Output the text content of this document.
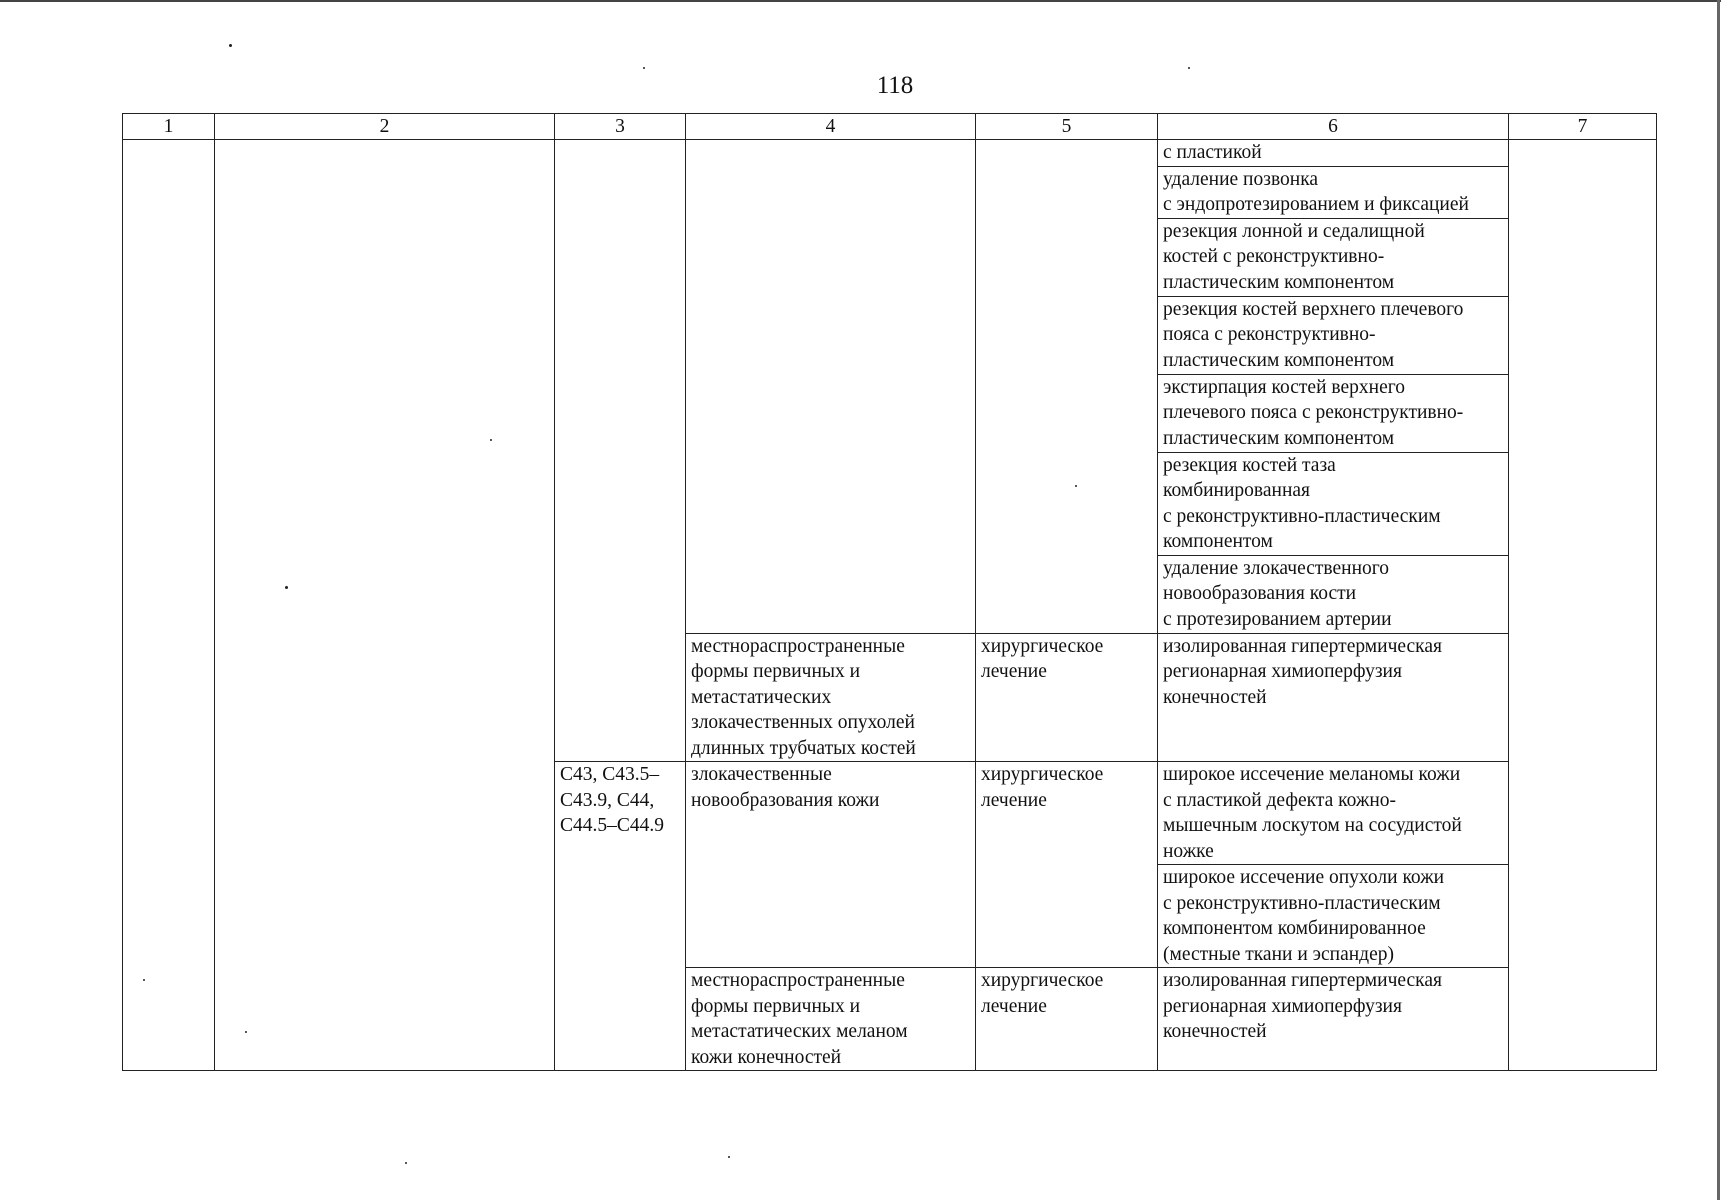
118
1	2	3	4	5	6	7
					с пластикой	
					удаление позвонка
с эндопротезированием и фиксацией	
					резекция лонной и седалищной
костей с реконструктивно-
пластическим компонентом	
					резекция костей верхнего плечевого
пояса с реконструктивно-
пластическим компонентом	
					экстирпация костей верхнего
плечевого пояса с реконструктивно-
пластическим компонентом	
					резекция костей таза
комбинированная
с реконструктивно-пластическим
компонентом	
					удаление злокачественного
новообразования кости
с протезированием артерии	
			местнораспространенные
формы первичных и
метастатических
злокачественных опухолей
длинных трубчатых костей	хирургическое
лечение	изолированная гипертермическая
регионарная химиоперфузия
конечностей	
		C43, C43.5–
C43.9, C44,
C44.5–C44.9	злокачественные
новообразования кожи	хирургическое
лечение	широкое иссечение меланомы кожи
с пластикой дефекта кожно-
мышечным лоскутом на сосудистой
ножке	
					широкое иссечение опухоли кожи
с реконструктивно-пластическим
компонентом комбинированное
(местные ткани и эспандер)	
			местнораспространенные
формы первичных и
метастатических меланом
кожи конечностей	хирургическое
лечение	изолированная гипертермическая
регионарная химиоперфузия
конечностей	
